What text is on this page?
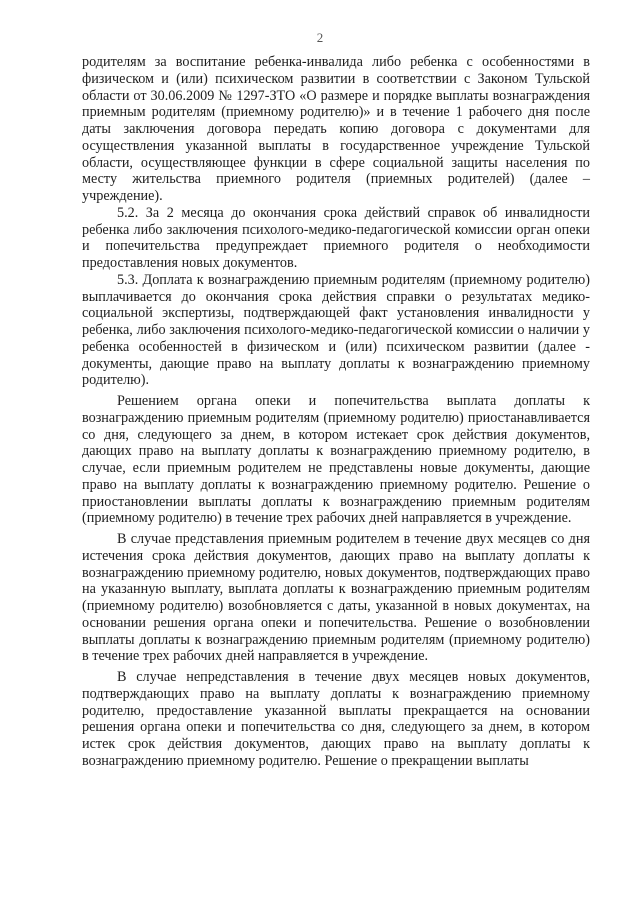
2

родителям за воспитание ребенка-инвалида либо ребенка с особенностями в физическом и (или) психическом развитии в соответствии с Законом Тульской области от 30.06.2009 № 1297-ЗТО «О размере и порядке выплаты вознаграждения приемным родителям (приемному родителю)» и в течение 1 рабочего дня после даты заключения договора передать копию договора с документами для осуществления указанной выплаты в государственное учреждение Тульской области, осуществляющее функции в сфере социальной защиты населения по месту жительства приемного родителя (приемных родителей) (далее – учреждение).

5.2. За 2 месяца до окончания срока действий справок об инвалидности ребенка либо заключения психолого-медико-педагогической комиссии орган опеки и попечительства предупреждает приемного родителя о необходимости предоставления новых документов.

5.3. Доплата к вознаграждению приемным родителям (приемному родителю) выплачивается до окончания срока действия справки о результатах медико-социальной экспертизы, подтверждающей факт установления инвалидности у ребенка, либо заключения психолого-медико-педагогической комиссии о наличии у ребенка особенностей в физическом и (или) психическом развитии (далее - документы, дающие право на выплату доплаты к вознаграждению приемному родителю).

Решением органа опеки и попечительства выплата доплаты к вознаграждению приемным родителям (приемному родителю) приостанавливается со дня, следующего за днем, в котором истекает срок действия документов, дающих право на выплату доплаты к вознаграждению приемному родителю, в случае, если приемным родителем не представлены новые документы, дающие право на выплату доплаты к вознаграждению приемному родителю. Решение о приостановлении выплаты доплаты к вознаграждению приемным родителям (приемному родителю) в течение трех рабочих дней направляется в учреждение.

В случае представления приемным родителем в течение двух месяцев со дня истечения срока действия документов, дающих право на выплату доплаты к вознаграждению приемному родителю, новых документов, подтверждающих право на указанную выплату, выплата доплаты к вознаграждению приемным родителям (приемному родителю) возобновляется с даты, указанной в новых документах, на основании решения органа опеки и попечительства. Решение о возобновлении выплаты доплаты к вознаграждению приемным родителям (приемному родителю) в течение трех рабочих дней направляется в учреждение.

В случае непредставления в течение двух месяцев новых документов, подтверждающих право на выплату доплаты к вознаграждению приемному родителю, предоставление указанной выплаты прекращается на основании решения органа опеки и попечительства со дня, следующего за днем, в котором истек срок действия документов, дающих право на выплату доплаты к вознаграждению приемному родителю. Решение о прекращении выплаты
